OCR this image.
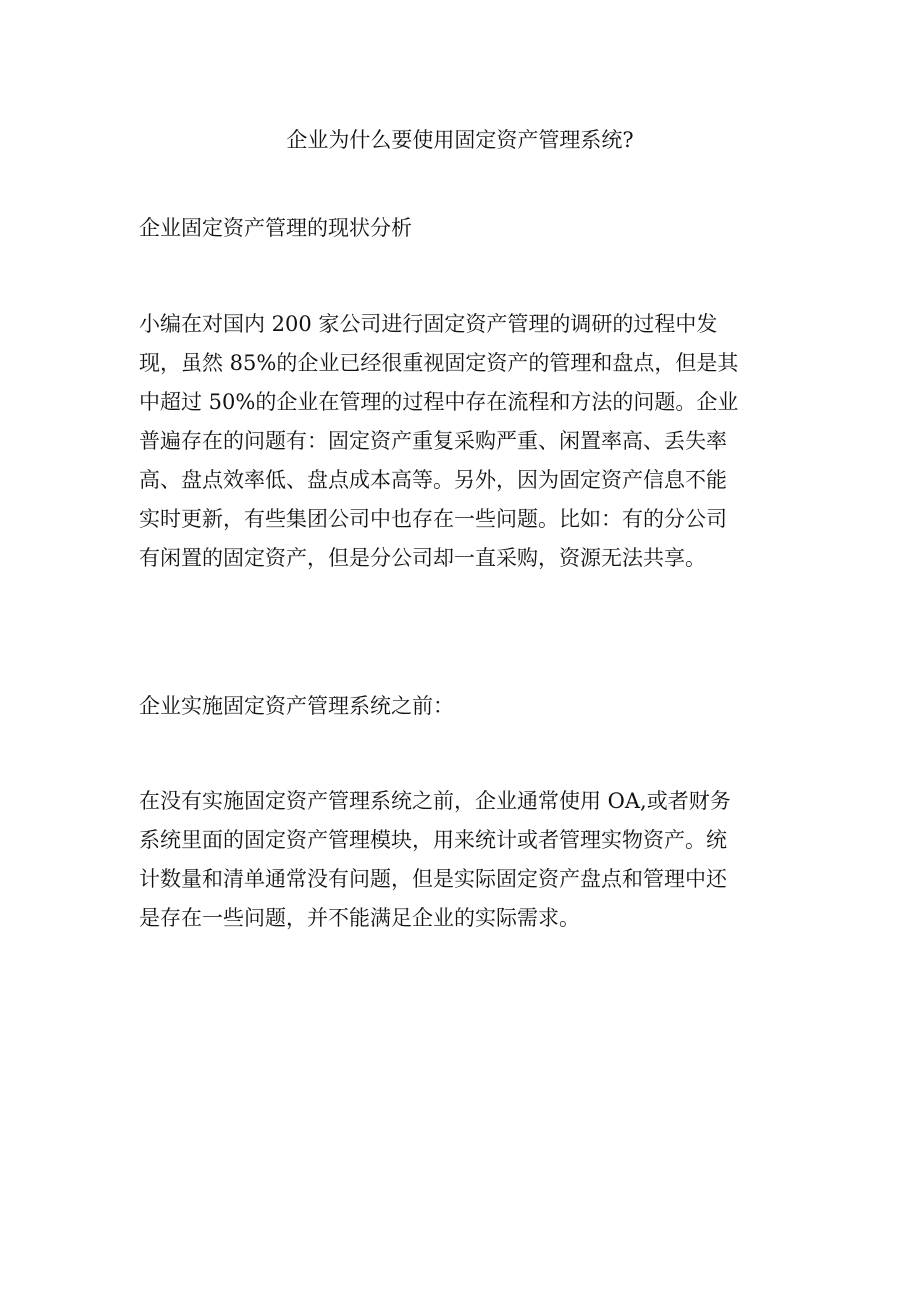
企业为什么要使用固定资产管理系统?
企业固定资产管理的现状分析

小编在对国内 200 家公司进行固定资产管理的调研的过程中发
现，虽然 85%的企业已经很重视固定资产的管理和盘点，但是其
中超过 50%的企业在管理的过程中存在流程和方法的问题。企业
普遍存在的问题有：固定资产重复采购严重、闲置率高、丢失率
高、盘点效率低、盘点成本高等。另外，因为固定资产信息不能
实时更新，有些集团公司中也存在一些问题。比如：有的分公司
有闲置的固定资产，但是分公司却一直采购，资源无法共享。

企业实施固定资产管理系统之前：

在没有实施固定资产管理系统之前，企业通常使用 OA,或者财务
系统里面的固定资产管理模块，用来统计或者管理实物资产。统
计数量和清单通常没有问题，但是实际固定资产盘点和管理中还
是存在一些问题，并不能满足企业的实际需求。
